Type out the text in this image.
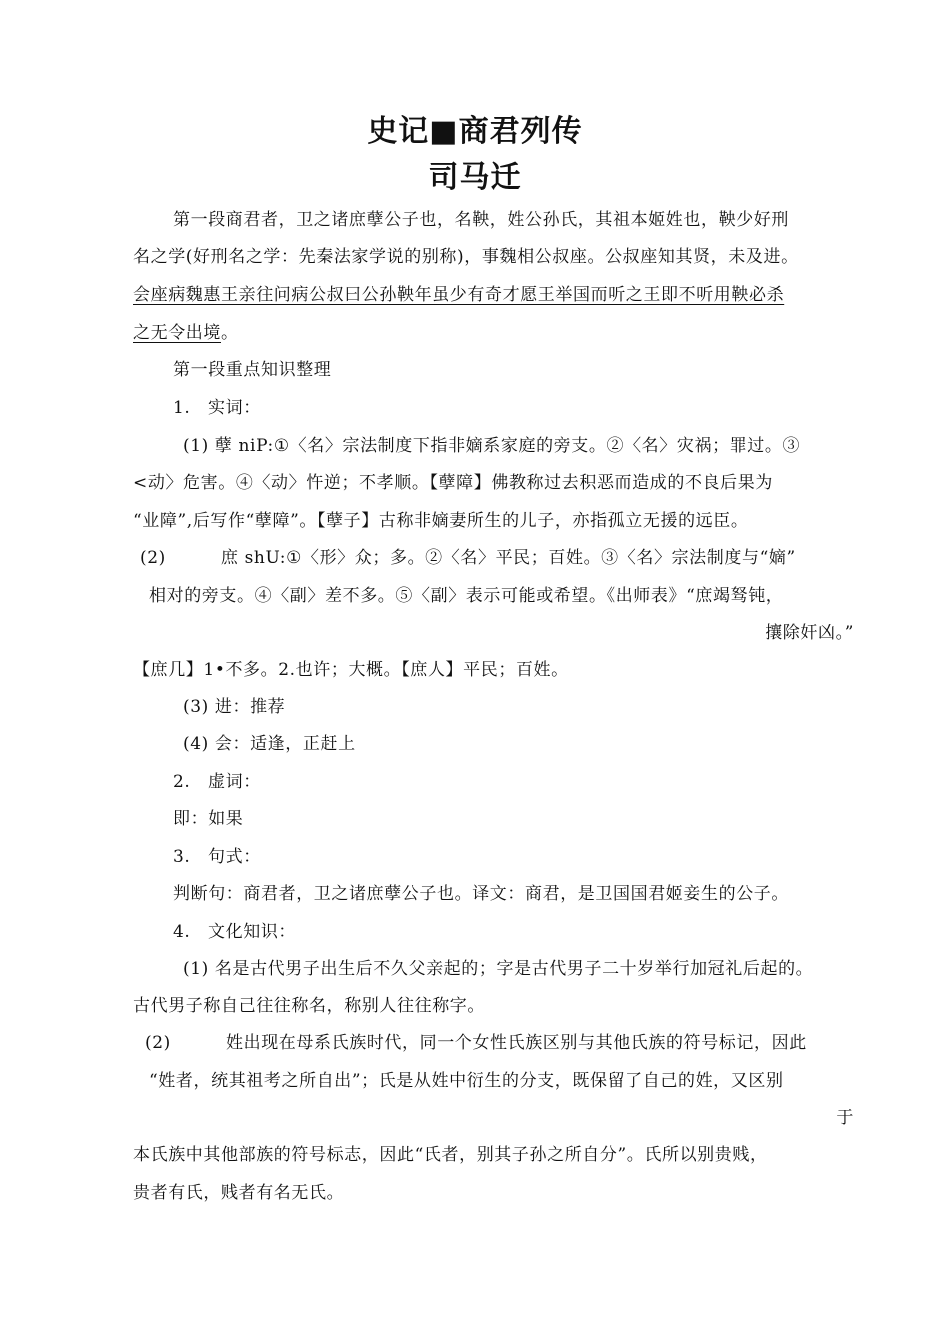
史记■商君列传
司马迁
第一段商君者，卫之诸庶孽公子也，名鞅，姓公孙氏，其祖本姬姓也，鞅少好刑
名之学(好刑名之学：先秦法家学说的别称)，事魏相公叔座。公叔座知其贤，未及进。
会座病魏惠王亲往问病公叔曰公孙鞅年虽少有奇才愿王举国而听之王即不听用鞅必杀
之无令出境。
第一段重点知识整理
1.　实词：
(1) 孽 niP:①〈名〉宗法制度下指非嫡系家庭的旁支。②〈名〉灾祸；罪过。③
<动〉危害。④〈动〉忤逆；不孝顺。【孽障】佛教称过去积恶而造成的不良后果为
“业障”,后写作“孽障”。【孽子】古称非嫡妻所生的儿子，亦指孤立无援的远臣。
(2)	庶 shU:①〈形〉众；多。②〈名〉平民；百姓。③〈名〉宗法制度与“嫡”
相对的旁支。④〈副〉差不多。⑤〈副〉表示可能或希望。《出师表》“庶竭驽钝，
攘除奸凶。”
【庶几】1•不多。2.也许；大概。【庶人】平民；百姓。
(3) 进：推荐
(4) 会：适逢，正赶上
2.　虚词：
即：如果
3.　句式：
判断句：商君者，卫之诸庶孽公子也。译文：商君，是卫国国君姬妾生的公子。
4.　文化知识：
(1) 名是古代男子出生后不久父亲起的；字是古代男子二十岁举行加冠礼后起的。
古代男子称自己往往称名，称别人往往称字。
(2)	姓出现在母系氏族时代，同一个女性氏族区别与其他氏族的符号标记，因此
“姓者，统其祖考之所自出”；氏是从姓中衍生的分支，既保留了自己的姓，又区别
于
本氏族中其他部族的符号标志，因此“氏者，别其子孙之所自分”。氏所以别贵贱，
贵者有氏，贱者有名无氏。
